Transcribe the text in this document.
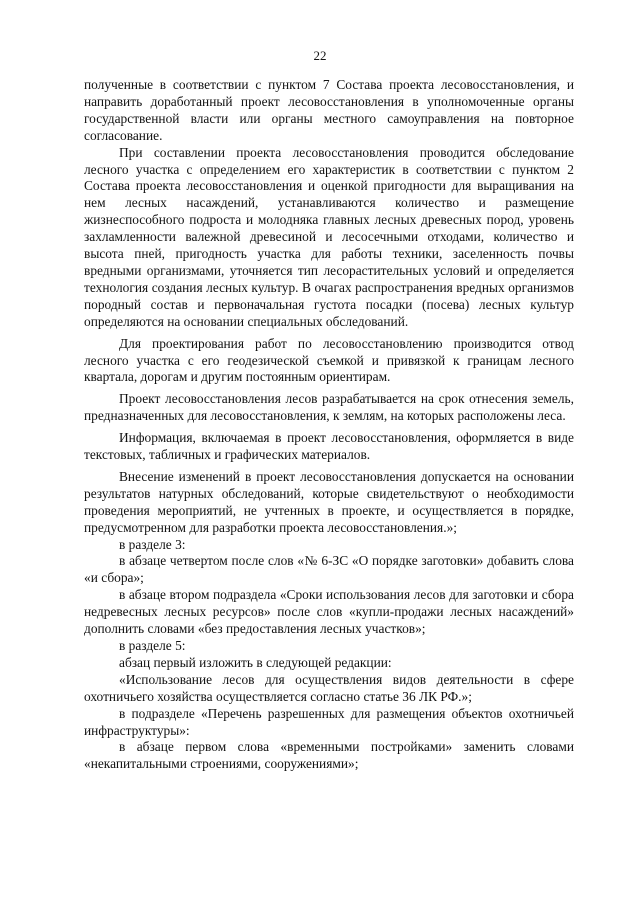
22

полученные в соответствии с пунктом 7 Состава проекта лесовосстановления, и направить доработанный проект лесовосстановления в уполномоченные органы государственной власти или органы местного самоуправления на повторное согласование.

При составлении проекта лесовосстановления проводится обследование лесного участка с определением его характеристик в соответствии с пунктом 2 Состава проекта лесовосстановления и оценкой пригодности для выращивания на нем лесных насаждений, устанавливаются количество и размещение жизнеспособного подроста и молодняка главных лесных древесных пород, уровень захламленности валежной древесиной и лесосечными отходами, количество и высота пней, пригодность участка для работы техники, заселенность почвы вредными организмами, уточняется тип лесорастительных условий и определяется технология создания лесных культур. В очагах распространения вредных организмов породный состав и первоначальная густота посадки (посева) лесных культур определяются на основании специальных обследований.

Для проектирования работ по лесовосстановлению производится отвод лесного участка с его геодезической съемкой и привязкой к границам лесного квартала, дорогам и другим постоянным ориентирам.

Проект лесовосстановления лесов разрабатывается на срок отнесения земель, предназначенных для лесовосстановления, к землям, на которых расположены леса.

Информация, включаемая в проект лесовосстановления, оформляется в виде текстовых, табличных и графических материалов.

Внесение изменений в проект лесовосстановления допускается на основании результатов натурных обследований, которые свидетельствуют о необходимости проведения мероприятий, не учтенных в проекте, и осуществляется в порядке, предусмотренном для разработки проекта лесовосстановления.»;

в разделе 3:

в абзаце четвертом после слов «№ 6-ЗС «О порядке заготовки» добавить слова «и сбора»;

в абзаце втором подраздела «Сроки использования лесов для заготовки и сбора недревесных лесных ресурсов» после слов «купли-продажи лесных насаждений» дополнить словами «без предоставления лесных участков»;

в разделе 5:

абзац первый изложить в следующей редакции:

«Использование лесов для осуществления видов деятельности в сфере охотничьего хозяйства осуществляется согласно статье 36 ЛК РФ.»;

в подразделе «Перечень разрешенных для размещения объектов охотничьей инфраструктуры»:

в абзаце первом слова «временными постройками» заменить словами «некапитальными строениями, сооружениями»;
